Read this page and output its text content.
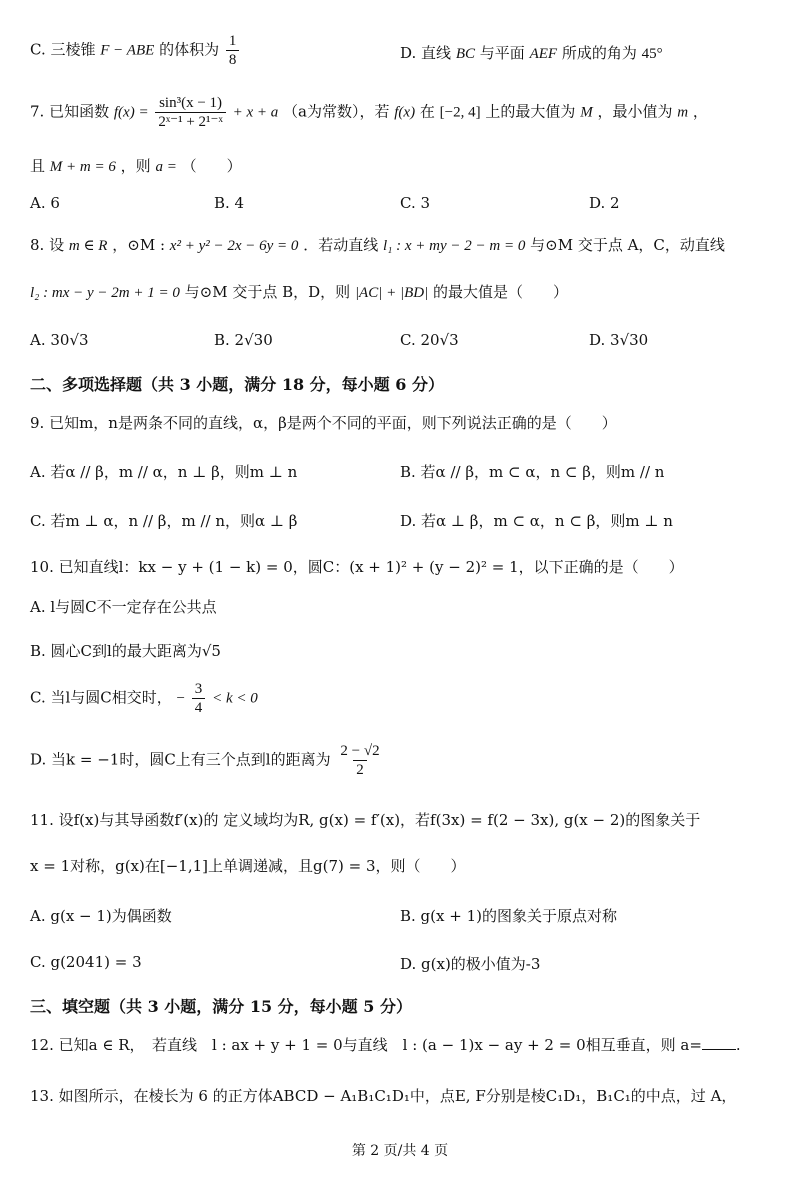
C. 三棱锥 F − ABE 的体积为 $\frac{1}{8}$	D. 直线 BC 与平面 AEF 所成的角为 45°
7. 已知函数 $f(x) = \frac{\text{sin³(x − 1)}}{\text{2ˣ⁻¹ + 2¹⁻ˣ}} + x + a$ （a为常数），若 f(x) 在 [−2, 4] 上的最大值为 M ，最小值为 m ，
且 M + m = 6 ，则 a = （　　）
A. 6	B. 4	C. 3	D. 2
8. 设 m ∈ R ，⊙M : x² + y² − 2x − 6y = 0 ．若动直线 l₁ : x + my − 2 − m = 0 与⊙M 交于点 A，C，动直线
l₂ : mx − y − 2m + 1 = 0 与⊙M 交于点 B，D，则 |AC| + |BD| 的最大值是（　　）
A. 30√3	B. 2√30	C. 20√3	D. 3√30
二、多项选择题（共 3 小题，满分 18 分，每小题 6 分）
9. 已知m，n是两条不同的直线，α，β是两个不同的平面，则下列说法正确的是（　　）
A. 若α // β，m // α，n ⊥ β，则m ⊥ n	B. 若α // β，m ⊂ α，n ⊂ β，则m // n
C. 若m ⊥ α，n // β，m // n，则α ⊥ β	D. 若α ⊥ β，m ⊂ α，n ⊂ β，则m ⊥ n
10. 已知直线l：kx − y + (1 − k) = 0，圆C：(x + 1)² + (y − 2)² = 1，以下正确的是（　　）
A. l与圆C不一定存在公共点
B. 圆心C到l的最大距离为√5
C. 当l与圆C相交时， − $\frac{3}{4} < k < 0$
D. 当k = −1时，圆C上有三个点到l的距离为 $\frac{2 - √2}{2}$
11. 设f(x)与其导函数f′(x)的 定义域均为R, g(x) = f′(x)，若f(3x) = f(2 − 3x), g(x − 2)的图象关于
x = 1对称，g(x)在[−1,1]上单调递减，且g(7) = 3，则（　　）
A. g(x − 1)为偶函数	B. g(x + 1)的图象关于原点对称
C. g(2041) = 3	D. g(x)的极小值为-3
三、填空题（共 3 小题，满分 15 分，每小题 5 分）
12. 已知a ∈ R，　若直线　l : ax + y + 1 = 0与直线　l : (a − 1)x − ay + 2 = 0相互垂直，则 a= .
13. 如图所示，在棱长为 6 的正方体ABCD − A₁B₁C₁D₁中，点E, F分别是棱C₁D₁，B₁C₁的中点，过 A，
第 2 页/共 4 页
